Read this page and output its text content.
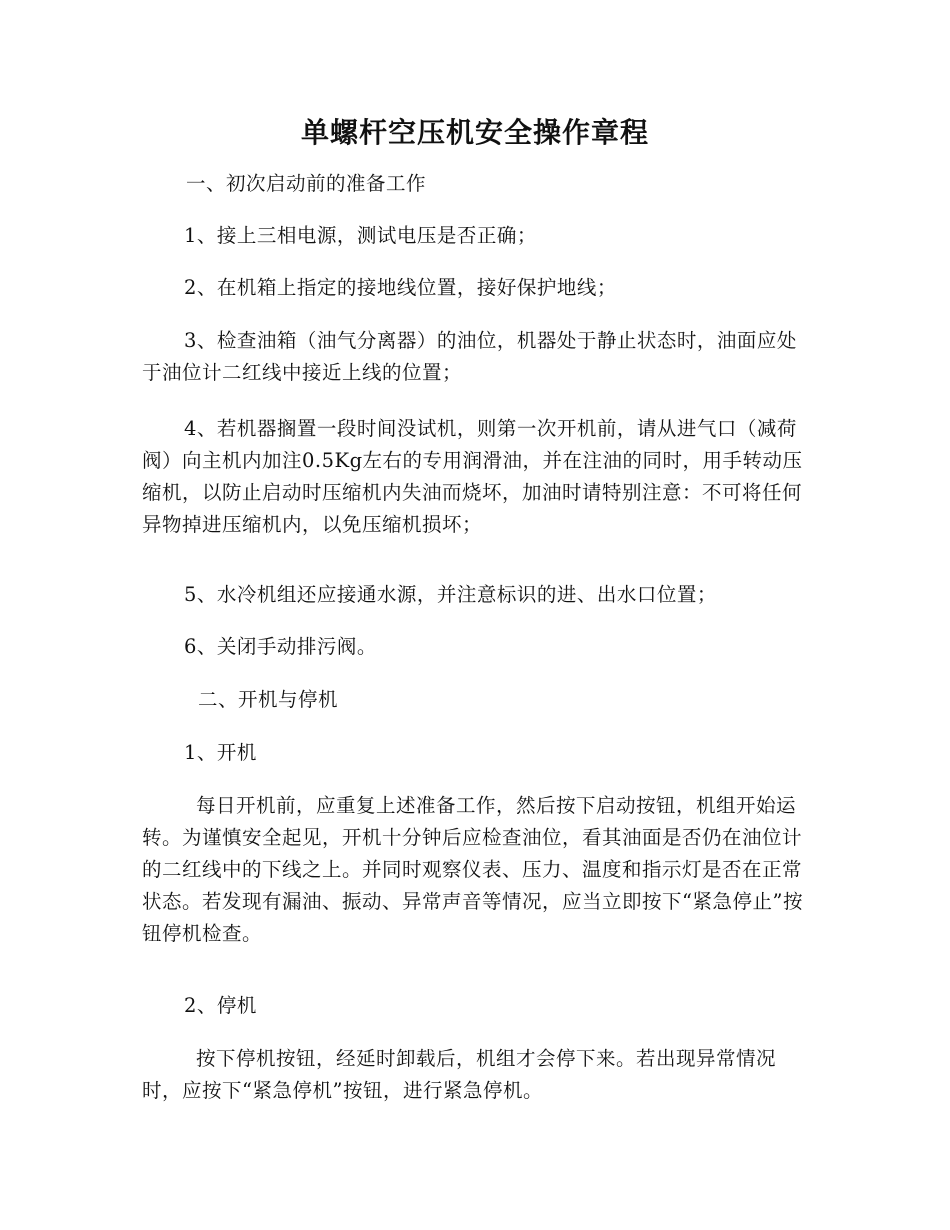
单螺杆空压机安全操作章程

一、初次启动前的准备工作

1、接上三相电源，测试电压是否正确；

2、在机箱上指定的接地线位置，接好保护地线；

3、检查油箱（油气分离器）的油位，机器处于静止状态时，油面应处于油位计二红线中接近上线的位置；

4、若机器搁置一段时间没试机，则第一次开机前，请从进气口（减荷阀）向主机内加注0.5Kg左右的专用润滑油，并在注油的同时，用手转动压缩机，以防止启动时压缩机内失油而烧坏，加油时请特别注意：不可将任何异物掉进压缩机内，以免压缩机损坏；

5、水冷机组还应接通水源，并注意标识的进、出水口位置；

6、关闭手动排污阀。

二、开机与停机

1、开机

每日开机前，应重复上述准备工作，然后按下启动按钮，机组开始运转。为谨慎安全起见，开机十分钟后应检查油位，看其油面是否仍在油位计的二红线中的下线之上。并同时观察仪表、压力、温度和指示灯是否在正常状态。若发现有漏油、振动、异常声音等情况，应当立即按下“紧急停止”按钮停机检查。

2、停机

按下停机按钮，经延时卸载后，机组才会停下来。若出现异常情况时，应按下“紧急停机”按钮，进行紧急停机。
